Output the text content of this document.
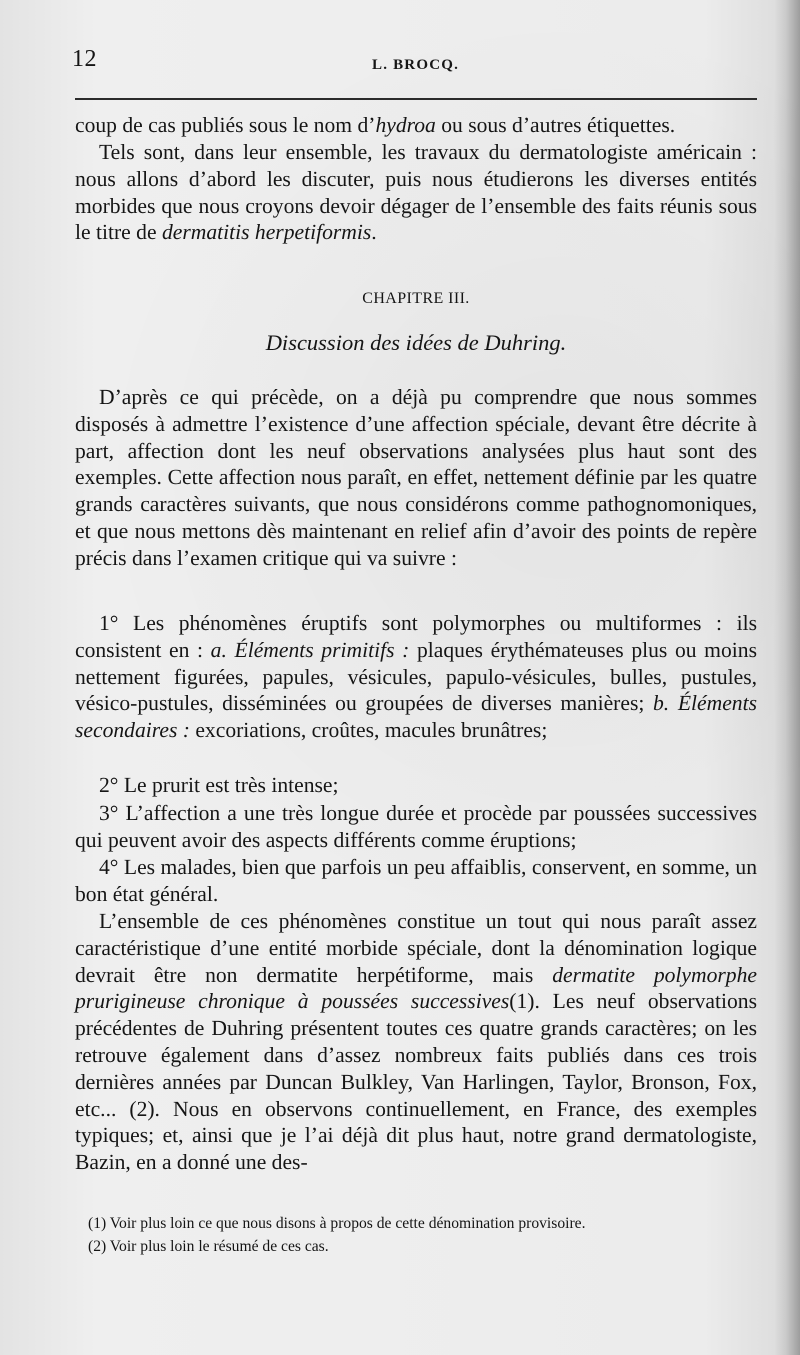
12	L. BROCQ.
coup de cas publiés sous le nom d’hydroa ou sous d’autres étiquettes.
Tels sont, dans leur ensemble, les travaux du dermatologiste américain : nous allons d’abord les discuter, puis nous étudierons les diverses entités morbides que nous croyons devoir dégager de l’ensemble des faits réunis sous le titre de dermatitis herpetiformis.
CHAPITRE III.
Discussion des idées de Duhring.
D’après ce qui précède, on a déjà pu comprendre que nous sommes disposés à admettre l’existence d’une affection spéciale, devant être décrite à part, affection dont les neuf observations analysées plus haut sont des exemples. Cette affection nous paraît, en effet, nettement définie par les quatre grands caractères suivants, que nous considérons comme pathognomoniques, et que nous mettons dès maintenant en relief afin d’avoir des points de repère précis dans l’examen critique qui va suivre :
1° Les phénomènes éruptifs sont polymorphes ou multiformes : ils consistent en : a. Éléments primitifs : plaques érythémateuses plus ou moins nettement figurées, papules, vésicules, papulo-vésicules, bulles, pustules, vésico-pustules, disséminées ou groupées de diverses manières; b. Éléments secondaires : excoriations, croûtes, macules brunâtres;
2° Le prurit est très intense;
3° L’affection a une très longue durée et procède par poussées successives qui peuvent avoir des aspects différents comme éruptions;
4° Les malades, bien que parfois un peu affaiblis, conservent, en somme, un bon état général.
L’ensemble de ces phénomènes constitue un tout qui nous paraît assez caractéristique d’une entité morbide spéciale, dont la dénomination logique devrait être non dermatite herpétiforme, mais dermatite polymorphe prurigineuse chronique à poussées successives(1). Les neuf observations précédentes de Duhring présentent toutes ces quatre grands caractères; on les retrouve également dans d’assez nombreux faits publiés dans ces trois dernières années par Duncan Bulkley, Van Harlingen, Taylor, Bronson, Fox, etc... (2). Nous en observons continuellement, en France, des exemples typiques; et, ainsi que je l’ai déjà dit plus haut, notre grand dermatologiste, Bazin, en a donné une des-

(1) Voir plus loin ce que nous disons à propos de cette dénomination provisoire.

(2) Voir plus loin le résumé de ces cas.
